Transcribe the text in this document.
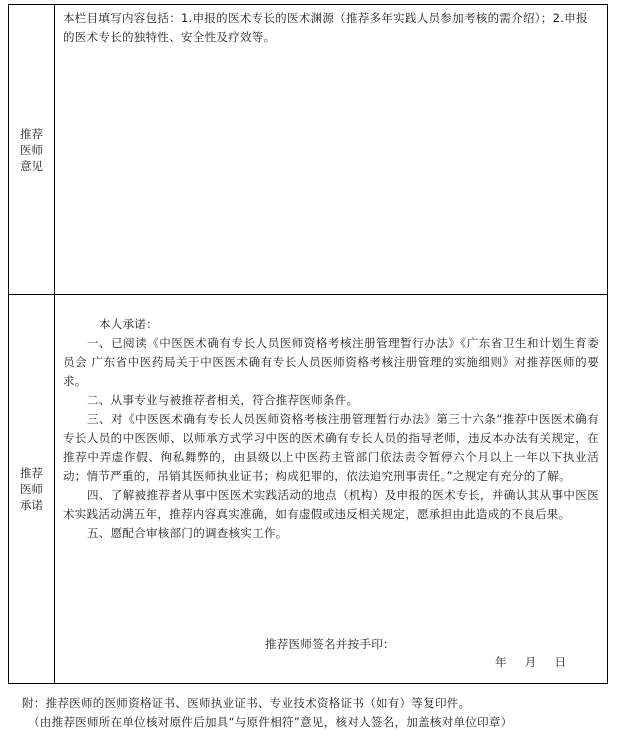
推荐医师意见

本栏目填写内容包括：1.申报的医术专长的医术渊源（推荐多年实践人员参加考核的需介绍）；2.申报的医术专长的独特性、安全性及疗效等。

推荐医师承诺

本人承诺：

一、已阅读《中医医术确有专长人员医师资格考核注册管理暂行办法》《广东省卫生和计划生育委员会 广东省中医药局关于中医医术确有专长人员医师资格考核注册管理的实施细则》对推荐医师的要求。

二、从事专业与被推荐者相关，符合推荐医师条件。

三、对《中医医术确有专长人员医师资格考核注册管理暂行办法》第三十六条“推荐中医医术确有专长人员的中医医师、以师承方式学习中医的医术确有专长人员的指导老师，违反本办法有关规定，在推荐中弄虚作假、徇私舞弊的，由县级以上中医药主管部门依法责令暂停六个月以上一年以下执业活动；情节严重的，吊销其医师执业证书；构成犯罪的，依法追究刑事责任。”之规定有充分的了解。

四、了解被推荐者从事中医医术实践活动的地点（机构）及申报的医术专长，并确认其从事中医医术实践活动满五年，推荐内容真实准确，如有虚假或违反相关规定，愿承担由此造成的不良后果。

五、愿配合审核部门的调查核实工作。

推荐医师签名并按手印：
年 月 日

附：推荐医师的医师资格证书、医师执业证书、专业技术资格证书（如有）等复印件。

（由推荐医师所在单位核对原件后加具“与原件相符”意见，核对人签名，加盖核对单位印章）
